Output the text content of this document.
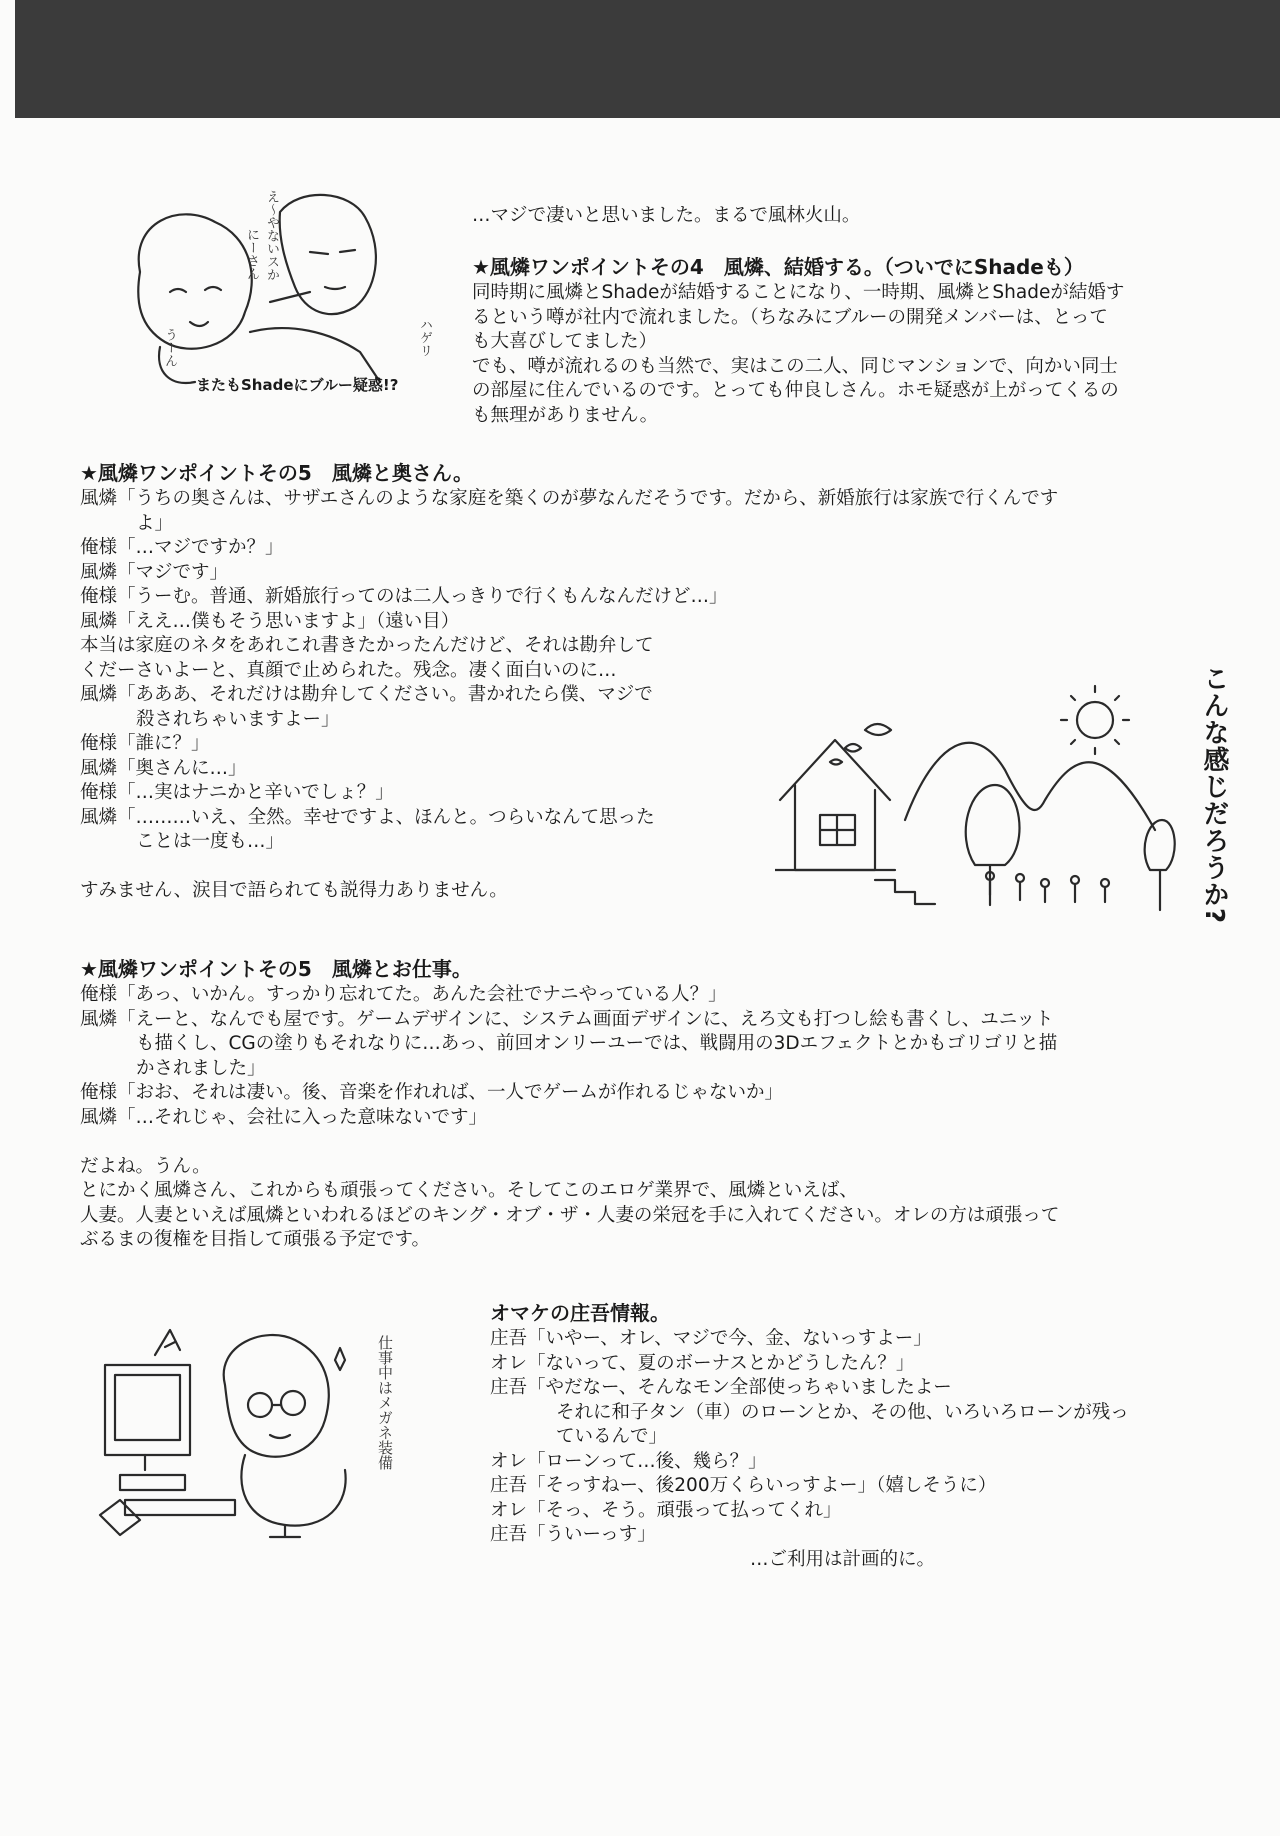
え〜やないスか
にーさん
ハゲリ
うーん
またもShadeにブルー疑惑!?
…マジで凄いと思いました。まるで風林火山。
★風燐ワンポイントその4　風燐、結婚する。（ついでにShadeも）
同時期に風燐とShadeが結婚することになり、一時期、風燐とShadeが結婚す
るという噂が社内で流れました。（ちなみにブルーの開発メンバーは、とって
も大喜びしてました）
でも、噂が流れるのも当然で、実はこの二人、同じマンションで、向かい同士
の部屋に住んでいるのです。とっても仲良しさん。ホモ疑惑が上がってくるの
も無理がありません。
★風燐ワンポイントその5　風燐と奥さん。
風燐 「うちの奥さんは、サザエさんのような家庭を築くのが夢なんだそうです。だから、新婚旅行は家族で行くんです
よ」
俺様 「…マジですか？」
風燐 「マジです」
俺様 「うーむ。普通、新婚旅行ってのは二人っきりで行くもんなんだけど…」
風燐 「ええ…僕もそう思いますよ」（遠い目）
本当は家庭のネタをあれこれ書きたかったんだけど、それは勘弁して
くだーさいよーと、真顔で止められた。残念。凄く面白いのに…
風燐 「あああ、それだけは勘弁してください。書かれたら僕、マジで
殺されちゃいますよー」
俺様 「誰に？」
風燐 「奥さんに…」
俺様 「…実はナニかと辛いでしょ？」
風燐 「………いえ、全然。幸せですよ、ほんと。つらいなんて思った
ことは一度も…」
すみません、涙目で語られても説得力ありません。	こんな感じだろうか?
★風燐ワンポイントその5　風燐とお仕事。
俺様 「あっ、いかん。すっかり忘れてた。あんた会社でナニやっている人？」
風燐 「えーと、なんでも屋です。ゲームデザインに、システム画面デザインに、えろ文も打つし絵も書くし、ユニット
も描くし、CGの塗りもそれなりに…あっ、前回オンリーユーでは、戦闘用の3Dエフェクトとかもゴリゴリと描
かされました」
俺様 「おお、それは凄い。後、音楽を作れれば、一人でゲームが作れるじゃないか」
風燐 「…それじゃ、会社に入った意味ないです」
だよね。うん。
とにかく風燐さん、これからも頑張ってください。そしてこのエロゲ業界で、風燐といえば、
人妻。人妻といえば風燐といわれるほどのキング・オブ・ザ・人妻の栄冠を手に入れてください。オレの方は頑張って
ぶるまの復権を目指して頑張る予定です。
仕事中はメガネ装備
オマケの庄吾情報。
庄吾 「いやー、オレ、マジで今、金、ないっすよー」
オレ 「ないって、夏のボーナスとかどうしたん？」
庄吾 「やだなー、そんなモン全部使っちゃいましたよー
それに和子タン（車）のローンとか、その他、いろいろローンが残っ
ているんで」
オレ 「ローンって…後、幾ら？」
庄吾 「そっすねー、後200万くらいっすよー」（嬉しそうに）
オレ 「そっ、そう。頑張って払ってくれ」
庄吾 「ういーっす」
…ご利用は計画的に。
